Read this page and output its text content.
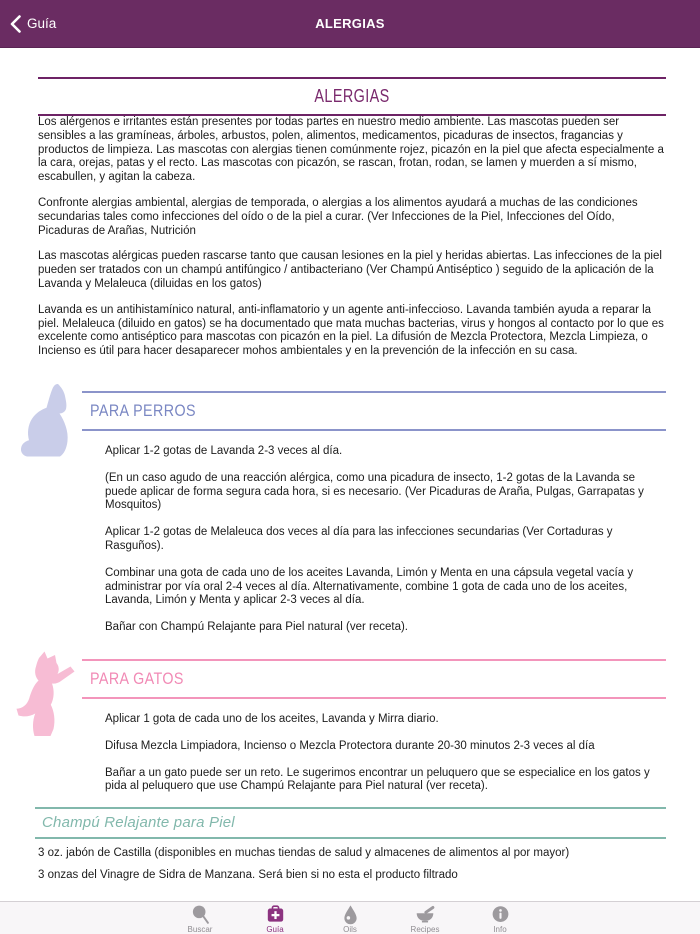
Guía	ALERGIAS
ALERGIAS

Los alérgenos e irritantes están presentes por todas partes en nuestro medio ambiente. Las mascotas pueden ser sensibles a las gramíneas, árboles, arbustos, polen, alimentos, medicamentos, picaduras de insectos, fragancias y productos de limpieza. Las mascotas con alergias tienen comúnmente rojez, picazón en la piel que afecta especialmente a la cara, orejas, patas y el recto. Las mascotas con picazón, se rascan, frotan, rodan, se lamen y muerden a sí mismo, escabullen, y agitan la cabeza.

Confronte alergias ambiental, alergias de temporada, o alergias a los alimentos ayudará a muchas de las condiciones secundarias tales como infecciones del oído o de la piel a curar. (Ver Infecciones de la Piel, Infecciones del Oído, Picaduras de Arañas, Nutrición

Las mascotas alérgicas pueden rascarse tanto que causan lesiones en la piel y heridas abiertas. Las infecciones de la piel pueden ser tratados con un champú antifúngico / antibacteriano (Ver Champú Antiséptico ) seguido de la aplicación de la Lavanda y Melaleuca (diluidas en los gatos)

Lavanda es un antihistamínico natural, anti-inflamatorio y un agente anti-infeccioso. Lavanda también ayuda a reparar la piel. Melaleuca (diluido en gatos) se ha documentado que mata muchas bacterias, virus y hongos al contacto por lo que es excelente como antiséptico para mascotas con picazón en la piel. La difusión de Mezcla Protectora, Mezcla Limpieza, o Incienso es útil para hacer desaparecer mohos ambientales y en la prevención de la infección en su casa.

PARA PERROS

Aplicar 1-2 gotas de Lavanda 2-3 veces al día.

(En un caso agudo de una reacción alérgica, como una picadura de insecto, 1-2 gotas de la Lavanda se puede aplicar de forma segura cada hora, si es necesario. (Ver Picaduras de Araña, Pulgas, Garrapatas y Mosquitos)

Aplicar 1-2 gotas de Melaleuca dos veces al día para las infecciones secundarias (Ver Cortaduras y Rasguños).

Combinar una gota de cada uno de los aceites Lavanda, Limón y Menta en una cápsula vegetal vacía y administrar por vía oral 2-4 veces al día. Alternativamente, combine 1 gota de cada uno de los aceites, Lavanda, Limón y Menta y aplicar 2-3 veces al día.

Bañar con Champú Relajante para Piel natural (ver receta).

PARA GATOS

Aplicar 1 gota de cada uno de los aceites, Lavanda y Mirra diario.

Difusa Mezcla Limpiadora, Incienso o Mezcla Protectora durante 20-30 minutos 2-3 veces al día

Bañar a un gato puede ser un reto. Le sugerimos encontrar un peluquero que se especialice en los gatos y pida al peluquero que use Champú Relajante para Piel natural (ver receta).

Champú Relajante para Piel

3 oz. jabón de Castilla (disponibles en muchas tiendas de salud y almacenes de alimentos al por mayor)

3 onzas del Vinagre de Sidra de Manzana. Será bien si no esta el producto filtrado

Buscar	Guía	Oils	Recipes	Info
